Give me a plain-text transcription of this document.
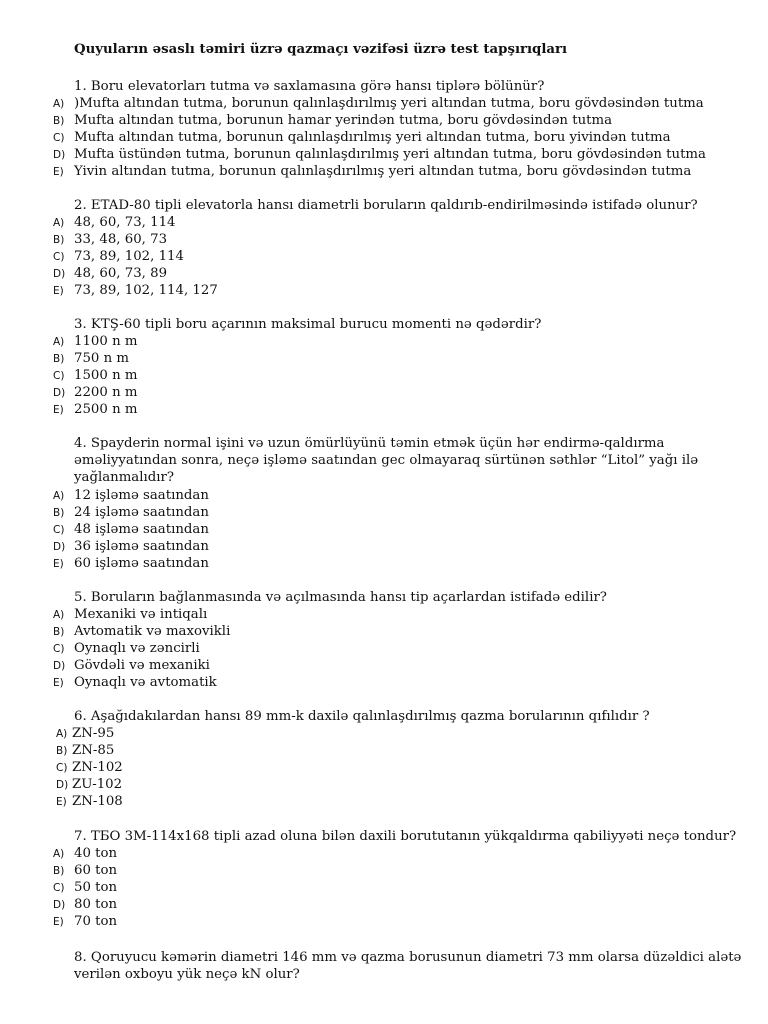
Quyuların əsaslı təmiri üzrə qazmaçı vəzifəsi üzrə test tapşırıqları
1. Boru elevatorları tutma və saxlamasına görə hansı tiplərə bölünür?
A) )Mufta altından tutma, borunun qalınlaşdırılmış yeri altından tutma, boru gövdəsindən tutma
B) Mufta altından tutma, borunun hamar yerindən tutma, boru gövdəsindən tutma
C) Mufta altından tutma, borunun qalınlaşdırılmış yeri altından tutma, boru yivindən tutma
D) Mufta üstündən tutma, borunun qalınlaşdırılmış yeri altından tutma, boru gövdəsindən tutma
E) Yivin altından tutma, borunun qalınlaşdırılmış yeri altından tutma, boru gövdəsindən tutma
2. ETAD-80 tipli elevatorla hansı diametrli boruların qaldırıb-endirilməsində istifadə olunur?
A) 48, 60, 73, 114
B) 33, 48, 60, 73
C) 73, 89, 102, 114
D) 48, 60, 73, 89
E) 73, 89, 102, 114, 127
3. KTŞ-60 tipli boru açarının maksimal burucu momenti nə qədərdir?
A) 1100 n m
B) 750 n m
C) 1500 n m
D) 2200 n m
E) 2500 n m
4. Spayderin normal işini və uzun ömürlüyünü təmin etmək üçün hər endirmə-qaldırma əməliyyatından sonra, neçə işləmə saatından gec olmayaraq sürtünən səthlər “Litol” yağı ilə yağlanmalıdır?
A) 12 işləmə saatından
B) 24 işləmə saatından
C) 48 işləmə saatından
D) 36 işləmə saatından
E) 60 işləmə saatından
5. Boruların bağlanmasında və açılmasında hansı tip açarlardan istifadə edilir?
A) Mexaniki və intiqalı
B) Avtomatik və maxovikli
C) Oynaqlı və zəncirli
D) Gövdəli və mexaniki
E) Oynaqlı və avtomatik
6. Aşağıdakılardan hansı 89 mm-k daxilə qalınlaşdırılmış qazma borularının qıfılıdır ?
A) ZN-95
B) ZN-85
C) ZN-102
D) ZU-102
E) ZN-108
7. ТБО 3М-114x168 tipli azad oluna bilən daxili borututanın yükqaldırma qabiliyyəti neçə tondur?
A) 40 ton
B) 60 ton
C) 50 ton
D) 80 ton
E) 70 ton
8. Qoruyucu kəmərin diametri 146 mm və qazma borusunun diametri 73 mm olarsa düzəldici alətə verilən oxboyu yük neçə kN olur?
